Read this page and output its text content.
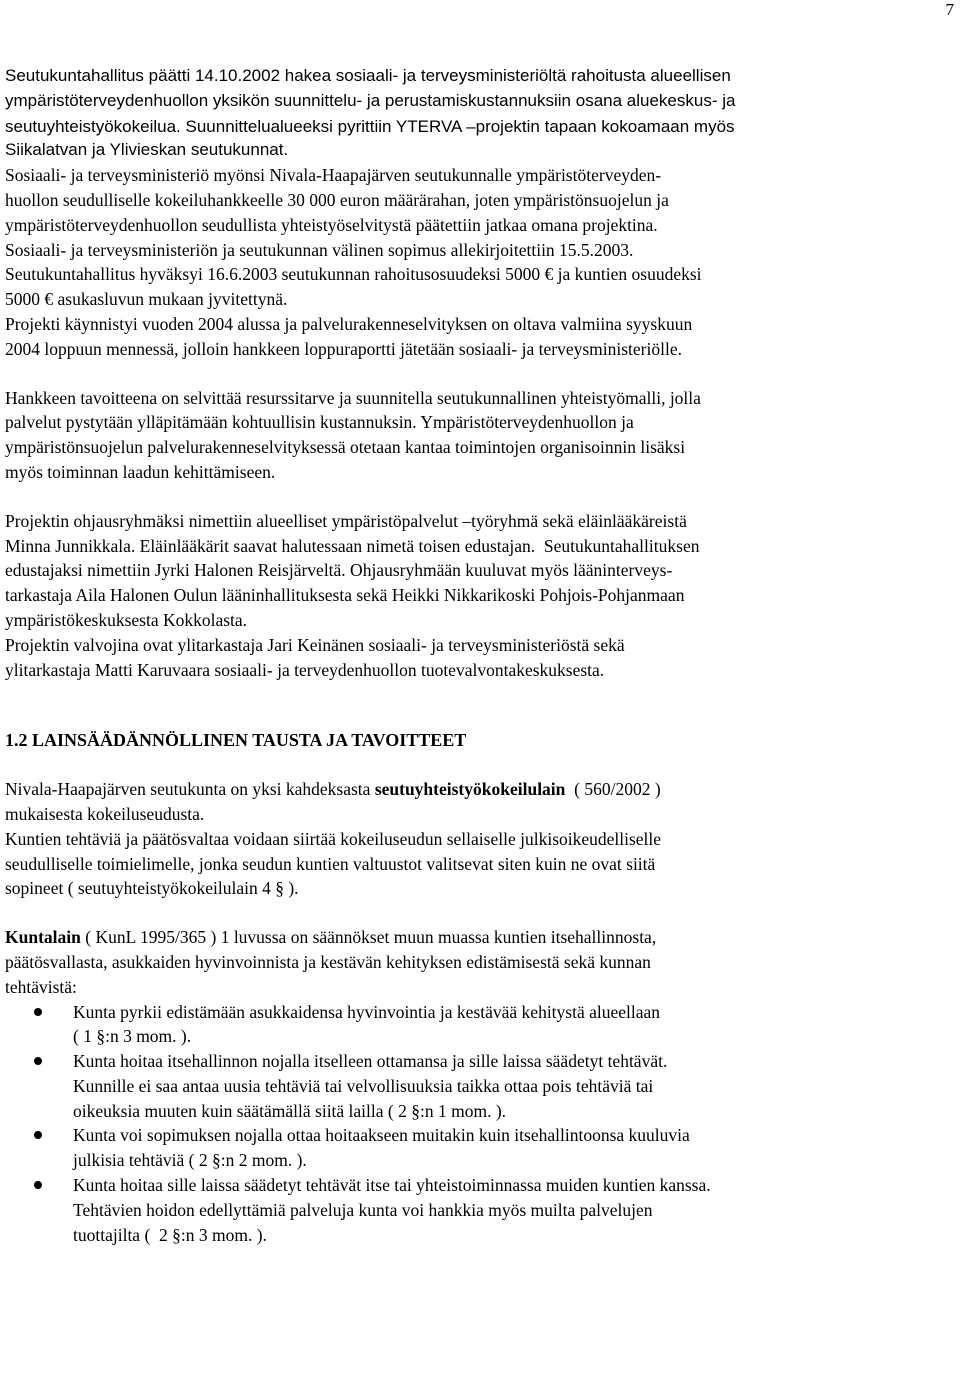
7
Seutukuntahallitus päätti 14.10.2002 hakea sosiaali- ja terveysministeriöltä rahoitusta alueellisen
ympäristöterveydenhuollon yksikön suunnittelu- ja perustamiskustannuksiin osana aluekeskus- ja
seutuyhteistyökokeilua. Suunnittelualueeksi pyrittiin YTERVA –projektin tapaan kokoamaan myös
Siikalatvan ja Ylivieskan seutukunnat.
Sosiaali- ja terveysministeriö myönsi Nivala-Haapajärven seutukunnalle ympäristöterveyden-
huollon seudulliselle kokeiluhankkeelle 30 000 euron määrärahan, joten ympäristönsuojelun ja
ympäristöterveydenhuollon seudullista yhteistyöselvitystä päätettiin jatkaa omana projektina.
Sosiaali- ja terveysministeriön ja seutukunnan välinen sopimus allekirjoitettiin 15.5.2003.
Seutukuntahallitus hyväksyi 16.6.2003 seutukunnan rahoitusosuudeksi 5000 € ja kuntien osuudeksi
5000 € asukasluvun mukaan jyvitettynä.
Projekti käynnistyi vuoden 2004 alussa ja palvelurakenneselvityksen on oltava valmiina syyskuun
2004 loppuun mennessä, jolloin hankkeen loppuraportti jätetään sosiaali- ja terveysministeriölle.
Hankkeen tavoitteena on selvittää resurssitarve ja suunnitella seutukunnallinen yhteistyömalli, jolla
palvelut pystytään ylläpitämään kohtuullisin kustannuksin. Ympäristöterveydenhuollon ja
ympäristönsuojelun palvelurakenneselvityksessä otetaan kantaa toimintojen organisoinnin lisäksi
myös toiminnan laadun kehittämiseen.
Projektin ohjausryhmäksi nimettiin alueelliset ympäristöpalvelut –työryhmä sekä eläinlääkäreistä
Minna Junnikkala. Eläinlääkärit saavat halutessaan nimetä toisen edustajan.  Seutukuntahallituksen
edustajaksi nimettiin Jyrki Halonen Reisjärveltä. Ohjausryhmään kuuluvat myös lääninterveys-
tarkastaja Aila Halonen Oulun lääninhallituksesta sekä Heikki Nikkarikoski Pohjois-Pohjanmaan
ympäristökeskuksesta Kokkolasta.
Projektin valvojina ovat ylitarkastaja Jari Keinänen sosiaali- ja terveysministeriöstä sekä
ylitarkastaja Matti Karuvaara sosiaali- ja terveydenhuollon tuotevalvontakeskuksesta.
1.2 LAINSÄÄDÄNNÖLLINEN TAUSTA JA TAVOITTEET
Nivala-Haapajärven seutukunta on yksi kahdeksasta seutuyhteistyökokeilulain  ( 560/2002 )
mukaisesta kokeiluseudusta.
Kuntien tehtäviä ja päätösvaltaa voidaan siirtää kokeiluseudun sellaiselle julkisoikeudelliselle
seudulliselle toimielimelle, jonka seudun kuntien valtuustot valitsevat siten kuin ne ovat siitä
sopineet ( seutuyhteistyökokeilulain 4 § ).
Kuntalain ( KunL 1995/365 ) 1 luvussa on säännökset muun muassa kuntien itsehallinnosta,
päätösvallasta, asukkaiden hyvinvoinnista ja kestävän kehityksen edistämisestä sekä kunnan
tehtävistä:
Kunta pyrkii edistämään asukkaidensa hyvinvointia ja kestävää kehitystä alueellaan
( 1 §:n 3 mom. ).
Kunta hoitaa itsehallinnon nojalla itselleen ottamansa ja sille laissa säädetyt tehtävät.
Kunnille ei saa antaa uusia tehtäviä tai velvollisuuksia taikka ottaa pois tehtäviä tai
oikeuksia muuten kuin säätämällä siitä lailla ( 2 §:n 1 mom. ).
Kunta voi sopimuksen nojalla ottaa hoitaakseen muitakin kuin itsehallintoonsa kuuluvia
julkisia tehtäviä ( 2 §:n 2 mom. ).
Kunta hoitaa sille laissa säädetyt tehtävät itse tai yhteistoiminnassa muiden kuntien kanssa.
Tehtävien hoidon edellyttämiä palveluja kunta voi hankkia myös muilta palvelujen
tuottajilta (  2 §:n 3 mom. ).
